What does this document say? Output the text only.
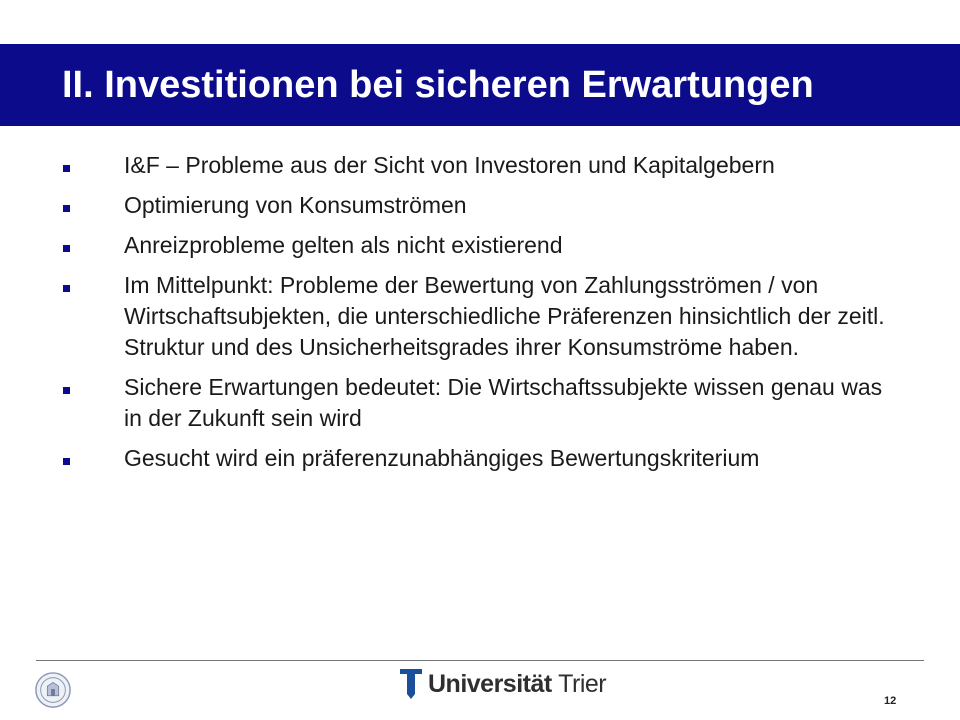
II. Investitionen bei sicheren Erwartungen
I&F – Probleme aus der Sicht von Investoren und Kapitalgebern
Optimierung von Konsumströmen
Anreizprobleme gelten als nicht existierend
Im Mittelpunkt: Probleme der Bewertung von Zahlungsströmen / von Wirtschaftsubjekten, die unterschiedliche Präferenzen hinsichtlich der zeitl. Struktur und des Unsicherheitsgrades ihrer Konsumströme haben.
Sichere Erwartungen bedeutet: Die Wirtschaftssubjekte wissen genau was in der Zukunft sein wird
Gesucht wird ein präferenzunabhängiges Bewertungskriterium
Universität Trier
12
